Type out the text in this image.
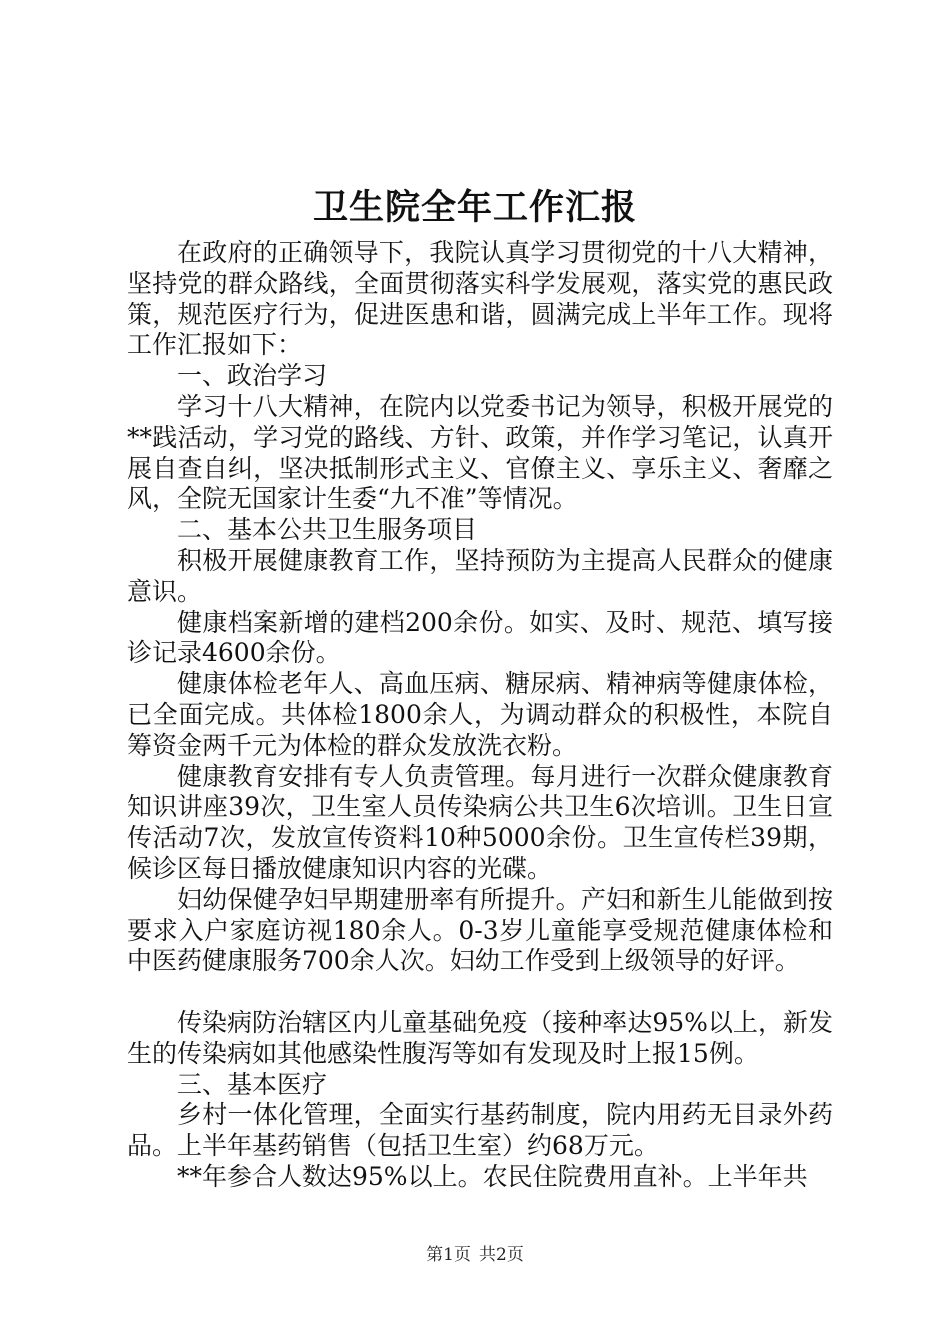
卫生院全年工作汇报

在政府的正确领导下，我院认真学习贯彻党的十八大精神，坚持党的群众路线，全面贯彻落实科学发展观，落实党的惠民政策，规范医疗行为，促进医患和谐，圆满完成上半年工作。现将工作汇报如下：

一、政治学习

学习十八大精神，在院内以党委书记为领导，积极开展党的**践活动，学习党的路线、方针、政策，并作学习笔记，认真开展自查自纠，坚决抵制形式主义、官僚主义、享乐主义、奢靡之风，全院无国家计生委“九不准”等情况。

二、基本公共卫生服务项目

积极开展健康教育工作，坚持预防为主提高人民群众的健康意识。

健康档案新增的建档200余份。如实、及时、规范、填写接诊记录4600余份。

健康体检老年人、高血压病、糖尿病、精神病等健康体检，已全面完成。共体检1800余人，为调动群众的积极性，本院自筹资金两千元为体检的群众发放洗衣粉。

健康教育安排有专人负责管理。每月进行一次群众健康教育知识讲座39次，卫生室人员传染病公共卫生6次培训。卫生日宣传活动7次，发放宣传资料10种5000余份。卫生宣传栏39期，候诊区每日播放健康知识内容的光碟。

妇幼保健孕妇早期建册率有所提升。产妇和新生儿能做到按要求入户家庭访视180余人。0-3岁儿童能享受规范健康体检和中医药健康服务700余人次。妇幼工作受到上级领导的好评。

传染病防治辖区内儿童基础免疫（接种率达95%以上，新发生的传染病如其他感染性腹泻等如有发现及时上报15例。

三、基本医疗

乡村一体化管理，全面实行基药制度，院内用药无目录外药品。上半年基药销售（包括卫生室）约68万元。

**年参合人数达95%以上。农民住院费用直补。上半年共

第1页 共2页
